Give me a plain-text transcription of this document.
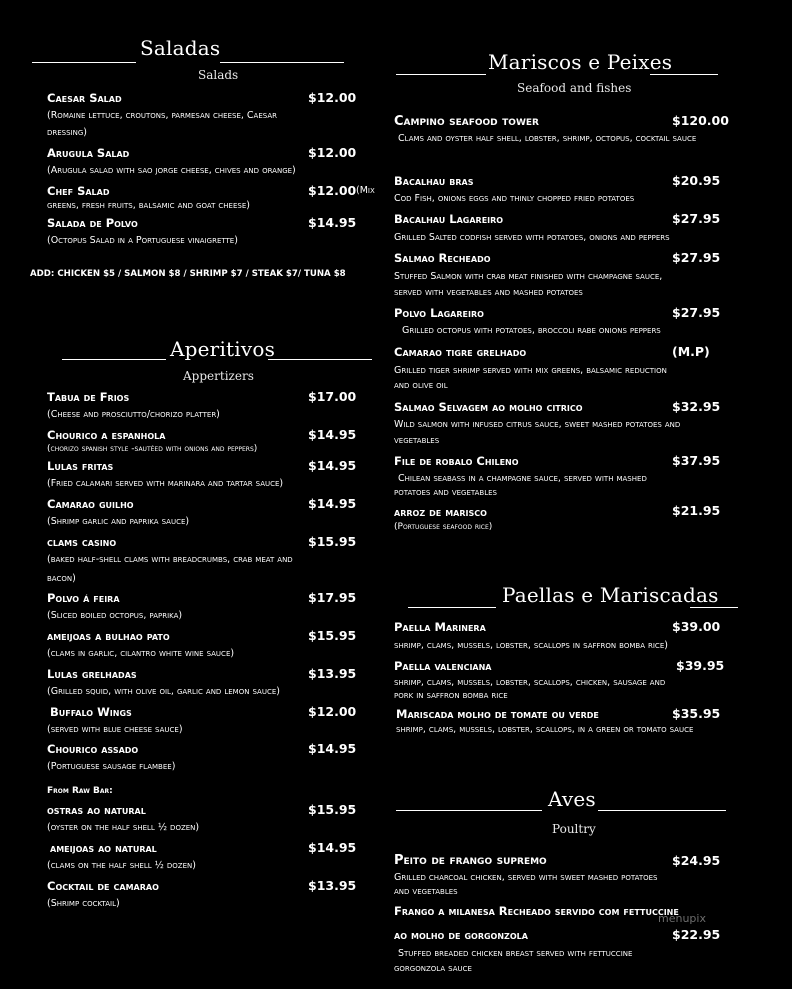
Saladas
Salads
Caesar Salad	$12.00
(Romaine lettuce, croutons, parmesan cheese, Caesar
dressing)
Arugula Salad	$12.00
(Arugula salad with sao jorge cheese, chives and orange)
Chef Salad	$12.00 (Mix
greens, fresh fruits, balsamic and goat cheese)
Salada de Polvo	$14.95
(Octopus Salad in a Portuguese vinaigrette)
ADD: CHICKEN $5 / SALMON $8 / SHRIMP $7 / STEAK $7/ TUNA $8
Aperitivos
Appertizers
Tabua de Frios	$17.00
(Cheese and prosciutto/chorizo platter)
Chourico a espanhola	$14.95
(chorizo spanish style -sautéed with onions and peppers)
Lulas fritas	$14.95
(Fried calamari served with marinara and tartar sauce)
Camarao guilho	$14.95
(Shrimp garlic and paprika sauce)
clams casino	$15.95
(baked half-shell clams with breadcrumbs, crab meat and
bacon)
Polvo á feira	$17.95
(Sliced boiled octopus, paprika)
ameijoas a bulhao pato	$15.95
(clams in garlic, cilantro white wine sauce)
Lulas grelhadas	$13.95
(Grilled squid, with olive oil, garlic and lemon sauce)
Buffalo Wings	$12.00
(served with blue cheese sauce)
Chourico assado	$14.95
(Portuguese sausage flambee)
From Raw Bar:
ostras ao natural	$15.95
(oyster on the half shell ½ dozen)
ameijoas ao natural	$14.95
(clams on the half shell ½ dozen)
Cocktail de camarao	$13.95
(Shrimp cocktail)
Mariscos e Peixes
Seafood and fishes
Campino seafood tower	$120.00
Clams and oyster half shell, lobster, shrimp, octopus, cocktail sauce
Bacalhau bras	$20.95
Cod Fish, onions eggs and thinly chopped fried potatoes
Bacalhau Lagareiro	$27.95
Grilled Salted codfish served with potatoes, onions and peppers
Salmao Recheado	$27.95
Stuffed Salmon with crab meat finished with champagne sauce,
served with vegetables and mashed potatoes
Polvo Lagareiro	$27.95
Grilled octopus with potatoes, broccoli rabe onions peppers
Camarao tigre grelhado	(M.P)
Grilled tiger shrimp served with mix greens, balsamic reduction
and olive oil
Salmao Selvagem ao molho citrico	$32.95
Wild salmon with infused citrus sauce, sweet mashed potatoes and
vegetables
File de robalo Chileno	$37.95
Chilean seabass in a champagne sauce, served with mashed
potatoes and vegetables
arroz de marisco	$21.95
(Portuguese seafood rice)
Paellas e Mariscadas
Paella Marinera	$39.00
shrimp, clams, mussels, lobster, scallops in saffron bomba rice)
Paella valenciana	$39.95
shrimp, clams, mussels, lobster, scallops, chicken, sausage and
pork in saffron bomba rice
Mariscada molho de tomate ou verde	$35.95
shrimp, clams, mussels, lobster, scallops, in a green or tomato sauce
Aves
Poultry
Peito de frango supremo	$24.95
Grilled charcoal chicken, served with sweet mashed potatoes
and vegetables
Frango a milanesa Recheado servido com fettuccine
ao molho de gorgonzola	$22.95
Stuffed breaded chicken breast served with fettuccine
gorgonzola sauce
menupix
